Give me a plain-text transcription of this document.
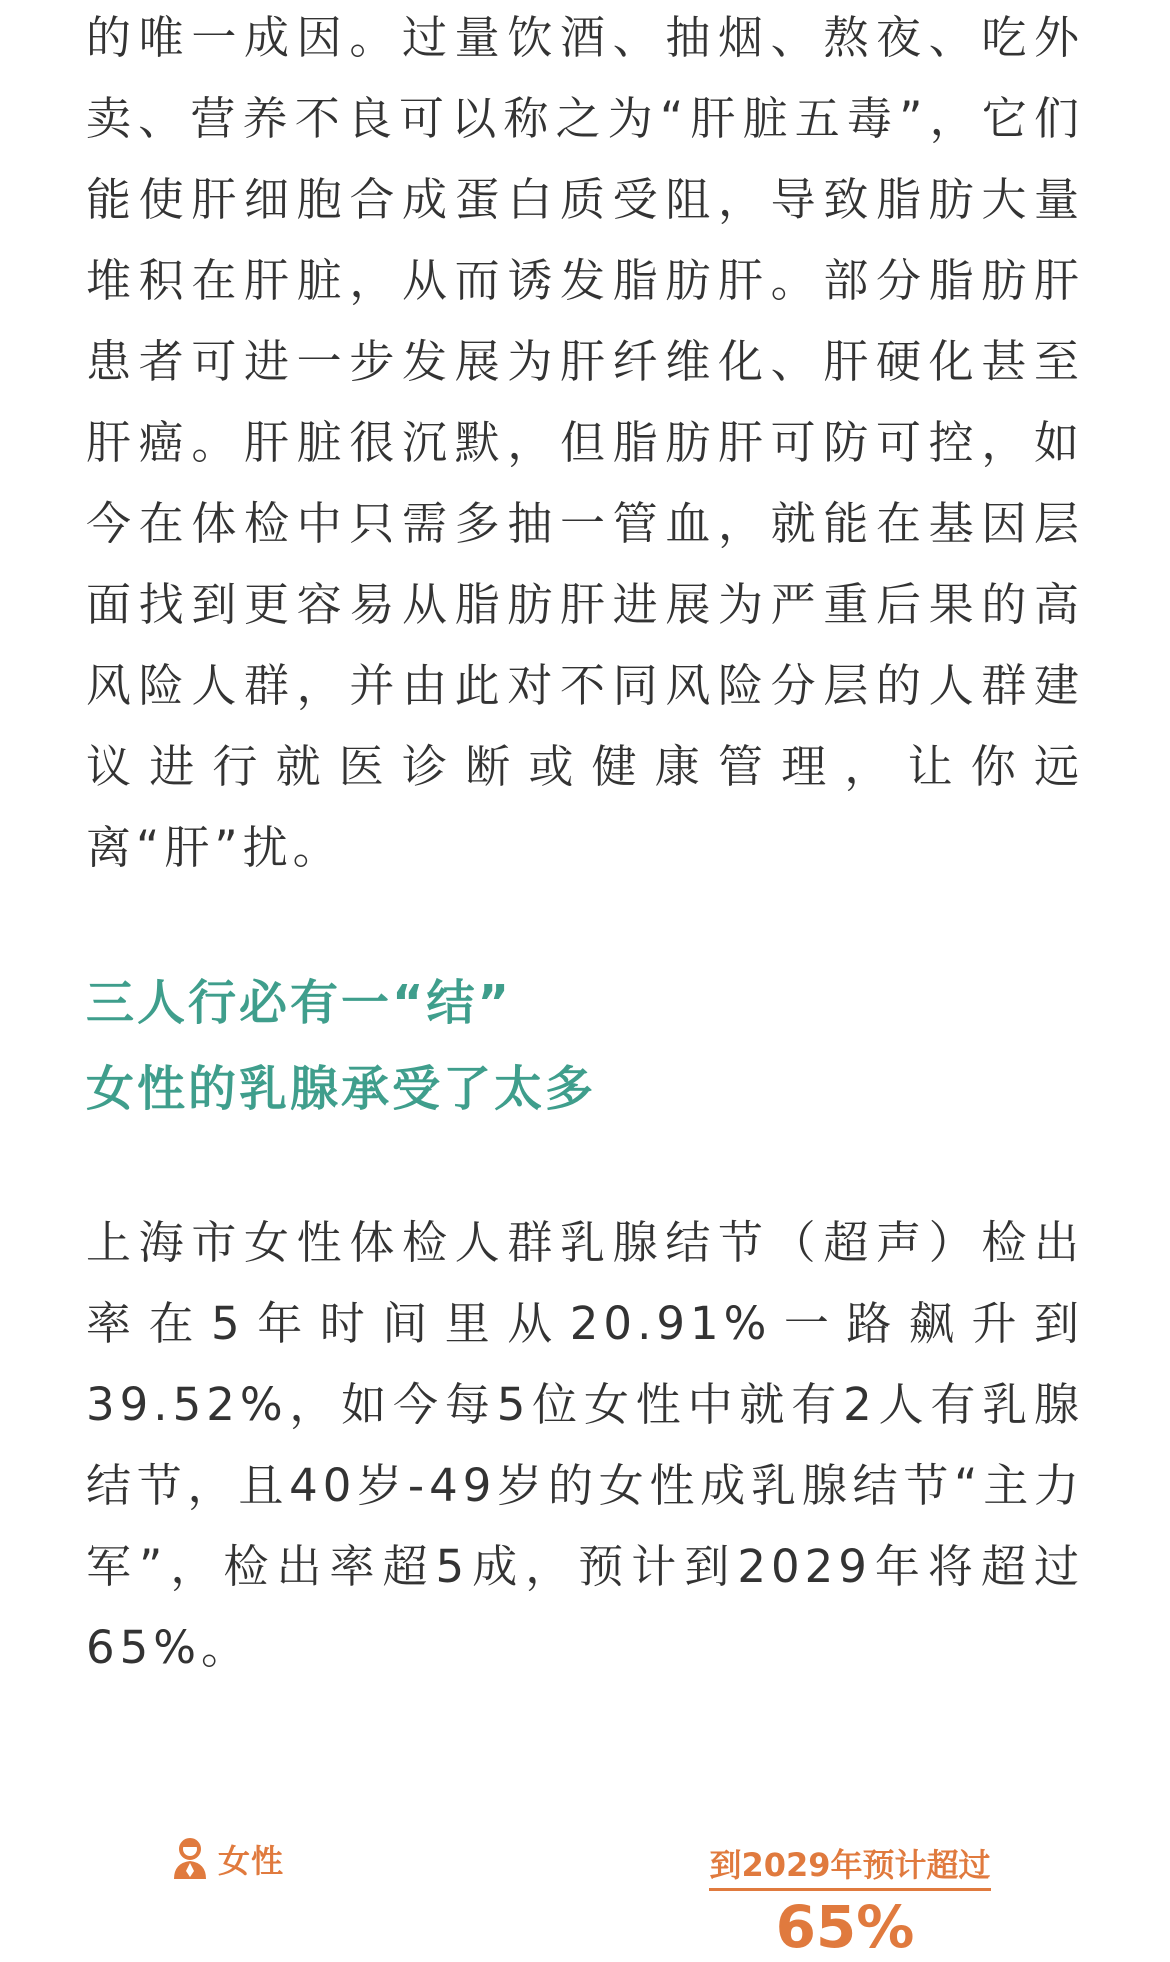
的唯一成因。过量饮酒、抽烟、熬夜、吃外卖、营养不良可以称之为“肝脏五毒”，它们能使肝细胞合成蛋白质受阻，导致脂肪大量堆积在肝脏，从而诱发脂肪肝。部分脂肪肝患者可进一步发展为肝纤维化、肝硬化甚至肝癌。肝脏很沉默，但脂肪肝可防可控，如今在体检中只需多抽一管血，就能在基因层面找到更容易从脂肪肝进展为严重后果的高风险人群，并由此对不同风险分层的人群建议进行就医诊断或健康管理，让你远离“肝”扰。

三人行必有一“结”
女性的乳腺承受了太多

上海市女性体检人群乳腺结节（超声）检出率在5年时间里从20.91%一路飙升到39.52%，如今每5位女性中就有2人有乳腺结节，且40岁-49岁的女性成乳腺结节“主力军”，检出率超5成，预计到2029年将超过65%。

女性	到2029年预计超过
65%
